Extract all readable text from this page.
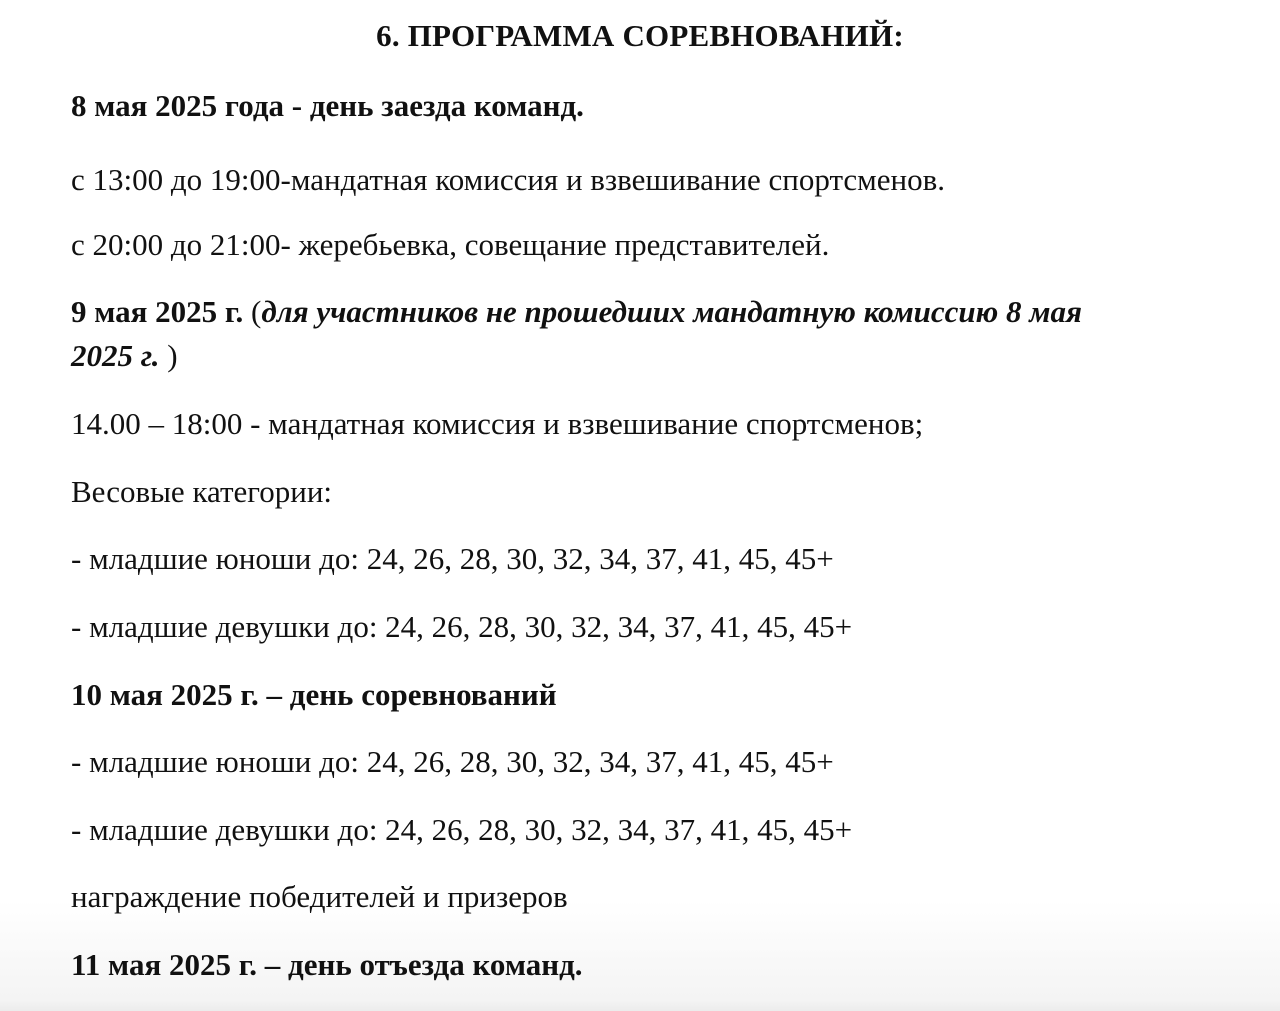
6. ПРОГРАММА СОРЕВНОВАНИЙ:
8 мая 2025 года - день заезда команд.
с 13:00 до 19:00-мандатная комиссия и взвешивание спортсменов.
с 20:00 до 21:00- жеребьевка, совещание представителей.
9 мая 2025 г. (для участников не прошедших мандатную комиссию 8 мая
2025 г. )
14.00 – 18:00 - мандатная комиссия и взвешивание спортсменов;
Весовые категории:
- младшие юноши до: 24, 26, 28, 30, 32, 34, 37, 41, 45, 45+
- младшие девушки до: 24, 26, 28, 30, 32, 34, 37, 41, 45, 45+
10 мая 2025 г. – день соревнований
- младшие юноши до: 24, 26, 28, 30, 32, 34, 37, 41, 45, 45+
- младшие девушки до: 24, 26, 28, 30, 32, 34, 37, 41, 45, 45+
награждение победителей и призеров
11 мая 2025 г. – день отъезда команд.
